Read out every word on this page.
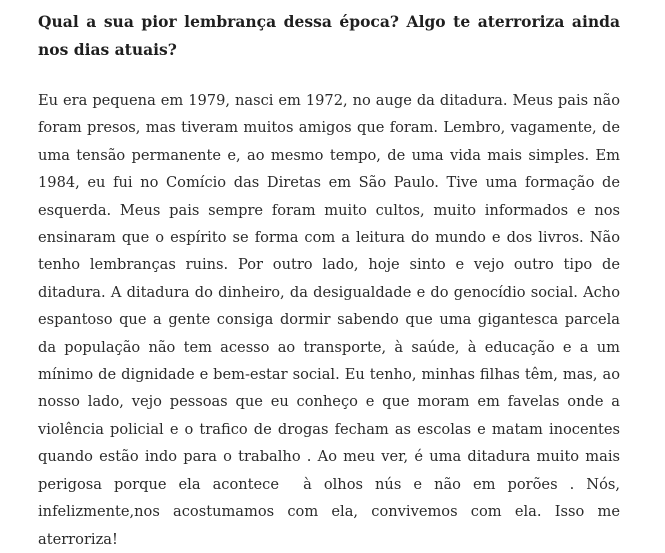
Qual a sua pior lembrança dessa época? Algo te aterroriza ainda nos dias atuais?

Eu era pequena em 1979, nasci em 1972, no auge da ditadura. Meus pais não foram presos, mas tiveram muitos amigos que foram. Lembro, vagamente, de uma tensão permanente e, ao mesmo tempo, de uma vida mais simples. Em 1984, eu fui no Comício das Diretas em São Paulo. Tive uma formação de esquerda. Meus pais sempre foram muito cultos, muito informados e nos ensinaram que o espírito se forma com a leitura do mundo e dos livros. Não tenho lembranças ruins. Por outro lado, hoje sinto e vejo outro tipo de ditadura. A ditadura do dinheiro, da desigualdade e do genocídio social. Acho espantoso que a gente consiga dormir sabendo que uma gigantesca parcela da população não tem acesso ao transporte, à saúde, à educação e a um mínimo de dignidade e bem-estar social. Eu tenho, minhas filhas têm, mas, ao nosso lado, vejo pessoas que eu conheço e que moram em favelas onde a violência policial e o trafico de drogas fecham as escolas e matam inocentes quando estão indo para o trabalho . Ao meu ver, é uma ditadura muito mais perigosa porque ela acontece  à olhos nús e não em porões . Nós, infelizmente,nos acostumamos com ela, convivemos com ela. Isso me aterroriza!
